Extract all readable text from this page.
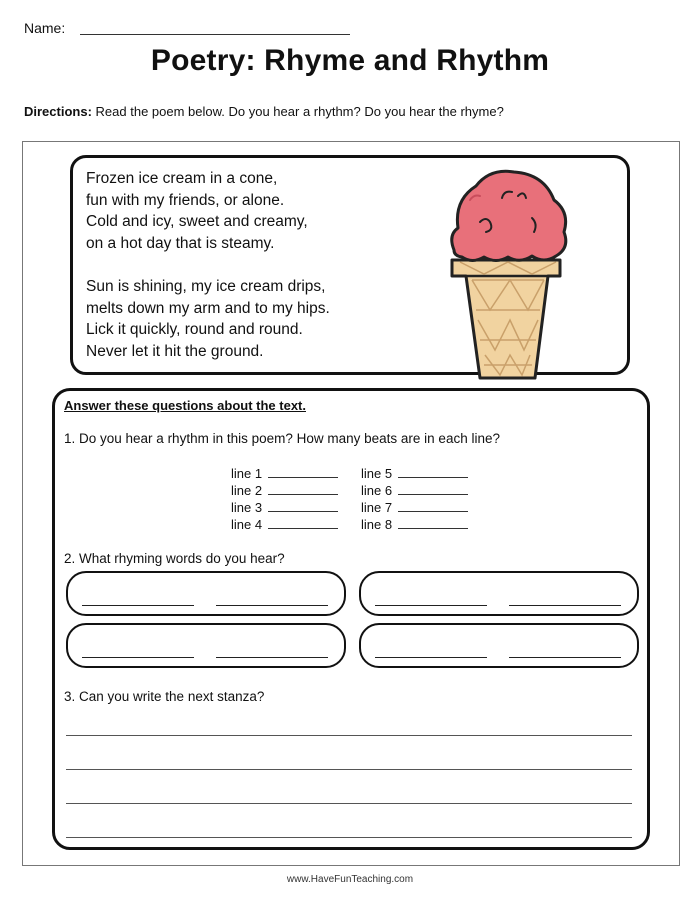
Name:
Poetry: Rhyme and Rhythm
Directions: Read the poem below. Do you hear a rhythm? Do you hear the rhyme?
Frozen ice cream in a cone,
fun with my friends, or alone.
Cold and icy, sweet and creamy,
on a hot day that is steamy.
Sun is shining, my ice cream drips,
melts down my arm and to my hips.
Lick it quickly, round and round.
Never let it hit the ground.
Answer these questions about the text.
1. Do you hear a rhythm in this poem? How many beats are in each line?
line 1
line 2
line 3
line 4
line 5
line 6
line 7
line 8
2. What rhyming words do you hear?
3. Can you write the next stanza?
www.HaveFunTeaching.com
